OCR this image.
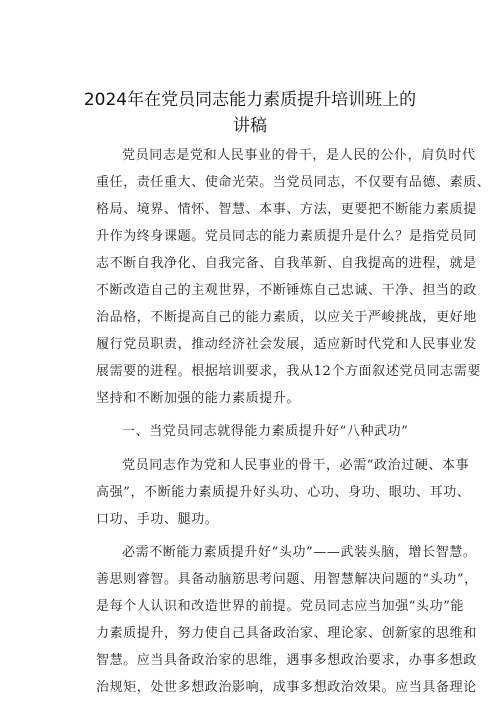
2024年在党员同志能力素质提升培训班上的
讲稿
党员同志是党和人民事业的骨干，是人民的公仆，肩负时代
重任，责任重大、使命光荣。当党员同志，不仅要有品德、素质、
格局、境界、情怀、智慧、本事、方法，更要把不断能力素质提
升作为终身课题。党员同志的能力素质提升是什么？是指党员同
志不断自我净化、自我完备、自我革新、自我提高的进程，就是
不断改造自己的主观世界，不断锤炼自己忠诚、干净、担当的政
治品格，不断提高自己的能力素质，以应关于严峻挑战，更好地
履行党员职责，推动经济社会发展，适应新时代党和人民事业发
展需要的进程。根据培训要求，我从12个方面叙述党员同志需要
坚持和不断加强的能力素质提升。
一、当党员同志就得能力素质提升好“八种武功”
党员同志作为党和人民事业的骨干，必需“政治过硬、本事
高强”，不断能力素质提升好头功、心功、身功、眼功、耳功、
口功、手功、腿功。
必需不断能力素质提升好“头功”——武装头脑，增长智慧。
善思则睿智。具备动脑筋思考问题、用智慧解决问题的“头功”，
是每个人认识和改造世界的前提。党员同志应当加强“头功”能
力素质提升，努力使自己具备政治家、理论家、创新家的思维和
智慧。应当具备政治家的思维，遇事多想政治要求，办事多想政
治规矩，处世多想政治影响，成事多想政治效果。应当具备理论
